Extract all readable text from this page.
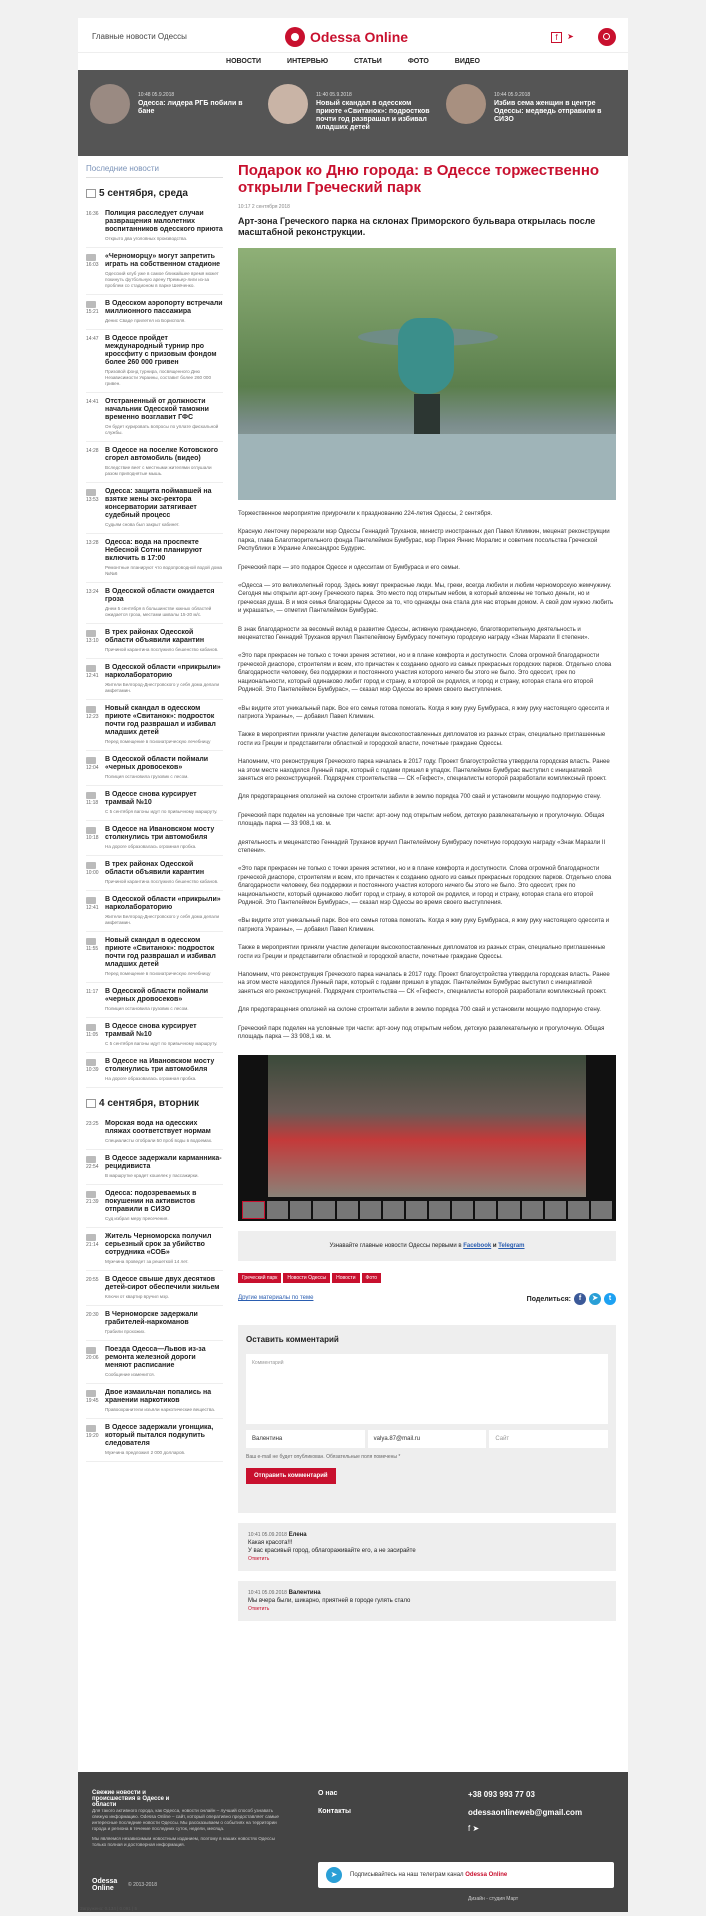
Главные новости Одессы	Odessa Online	f	➤
НОВОСТИ	ИНТЕРВЬЮ	СТАТЬИ	ФОТО	ВИДЕО
10:48 05.9.2018
Одесса: лидера РГБ побили в бане
11:40 05.9.2018
Новый скандал в одесском приюте «Свитанок»: подростков почти год разврашал и избивал младших детей
10:44 05.9.2018
Избив сема женщин в центре Одессы: медведь отправили в СИЗО
Последние новости
5 сентября, среда
16:36 Полиция расследует случаи развращения малолетних воспитанников одесского приюта
Открыто два уголовных производства.
16:03
«Черноморцу» могут запретить играть на собственном стадионе
Одесский клуб уже в самое ближайшее время может покинуть футбольную арену Премьер-лиги из-за проблем со стадионом в парке Шевченко.
15:21
В Одесском аэропорту встречали миллионного пассажира
Денис Сваде прилетел из Борисполя.
14:47 В Одессе пройдет международный турнир про кроссфиту с призовым фондом более 260 000 гривен
Призовой фонд турнира, посвященного Дню Независимости Украины, составит более 260 000 гривен.
14:41 Отстраненный от должности начальник Одесской таможни временно возглавит ГФС
Он будет курировать вопросы по уплате фискальной службы.
14:28 В Одессе на поселке Котовского сгорел автомобиль (видео)
Вследствие веет с местными жителями оглушали разом приподнятые мышь.
13:53
Одесса: защита поймавшей на взятке жены экс-ректора консерватории затягивает судебный процесс
Судьям снова был закрыт кабинет.
13:28 Одесса: вода на проспекте Небесной Сотни планируют включить в 17:00
Ремонтные планируют что водопроводной водой дома №№6
13:24 В Одесской области ожидается гроза
Днем 5 сентября в большинстве южных областей ожидается гроза, местами шквалы 15-20 м/с.
13:10
В трех районах Одесской области объявили карантин
Причиной карантина послужило бешенство кабанов.
12:41
В Одесской области «прикрыли» нарколабораторию
Жители Белгород-Днестровского у себя дома делали амфетамин.
12:23
Новый скандал в одесском приюте «Свитанок»: подросток почти год разврашал и избивал младших детей
Перед помещение в психиатрическую лечебницу
12:04
В Одесской области поймали «черных дровосеков»
Полиция остановила грузовик с лесом.
11:18
В Одессе снова курсирует трамвай №10
С 5 сентября вагоны идут по привычному маршруту.
10:18
В Одессе на Ивановском мосту столкнулись три автомобиля
На дороге образовалась огромная пробка.
10:00
В трех районах Одесской области объявили карантин
Причиной карантина послужило бешенство кабанов.
12:41
В Одесской области «прикрыли» нарколабораторию
Жители Белгород-Днестровского у себя дома делали амфетамин.
11:55
Новый скандал в одесском приюте «Свитанок»: подросток почти год разврашал и избивал младших детей
Перед помещение в психиатрическую лечебницу
11:17 В Одесской области поймали «черных дровосеков»
Полиция остановила грузовик с лесом.
11:05
В Одессе снова курсирует трамвай №10
С 5 сентября вагоны идут по привычному маршруту.
10:39
В Одессе на Ивановском мосту столкнулись три автомобиля
На дороге образовалась огромная пробка.
4 сентября, вторник
23:25 Морская вода на одесских пляжах соответствует нормам
Специалисты отобрали 50 проб воды в водоемах.
22:54
В Одессе задержали карманника-рецидивиста
В маршрутке крадет кошелек у пассажирки.
21:39
Одесса: подозреваемых в покушении на активистов отправили в СИЗО
Суд избрал меру пресечения.
21:14
Житель Черноморска получил серьезный срок за убийство сотрудника «СОБ»
Мужчина проведет за решеткой 14 лет.
20:55 В Одессе свыше двух десятков детей-сирот обеспечили жильем
Ключи от квартир вручил мэр.
20:30 В Черноморске задержали грабителей-наркоманов
Грабили прохожих.
20:06
Поезда Одесса—Львов из-за ремонта железной дороги меняют расписание
Сообщение изменится.
19:45
Двое измаильчан попались на хранении наркотиков
Правоохранители изъяли наркотические вещества.
19:20
В Одессе задержали угонщика, который пытался подкупить следователя
Мужчина предложил 2 000 долларов.
Подарок ко Дню города: в Одессе торжественно открыли Греческий парк
10:17 2 сентября 2018
Арт-зона Греческого парка на склонах Приморского бульвара открылась после масштабной реконструкции.
Торжественное мероприятие приурочили к празднованию 224-летия Одессы, 2 сентября.
Красную ленточку перерезали мэр Одессы Геннадий Труханов, министр иностранных дел Павел Климкин, меценат реконструкции парка, глава Благотворительного фонда Пантелеймон Бумбурас, мэр Пирея Яннис Моралис и советник посольства Греческой Республики в Украине Александрос Будурис.
Греческий парк — это подарок Одессе и одесситам от Бумбураса и его семьи.
«Одесса — это великолепный город. Здесь живут прекрасные люди. Мы, греки, всегда любили и любим черноморскую жемчужину. Сегодня мы открыли арт-зону Греческого парка. Это место под открытым небом, в который вложены не только деньги, но и греческая душа. В и моя семья благодарны Одессе за то, что однажды она стала для нас вторым домом. А свой дом нужно любить и украшать», — отметил Пантелеймон Бумбурас.
В знак благодарности за весомый вклад в развитие Одессы, активную гражданскую, благотворительную деятельность и меценатство Геннадий Труханов вручил Пантелеймону Бумбурасу почетную городскую награду «Знак Маразли II степени».
«Это парк прекрасен не только с точки зрения эстетики, но и в плане комфорта и доступности. Слова огромной благодарности греческой диаспоре, строителям и всем, кто причастен к созданию одного из самых прекрасных городских парков. Отдельно слова благодарности человеку, без поддержки и постоянного участия которого ничего бы этого не было. Это одессит, грек по национальности, который одинаково любит город и страну, в которой он родился, и город и страну, которая стала его второй Родиной. Это Пантелеймон Бумбурас», — сказал мэр Одессы во время своего выступления.
«Вы видите этот уникальный парк. Все его семья готова помогать. Когда я жму руку Бумбураса, я жму руку настоящего одессита и патриота Украины», — добавил Павел Климкин.
Также в мероприятии приняли участие делегации высокопоставленных дипломатов из разных стран, специально приглашенные гости из Греции и представители областной и городской власти, почетные граждане Одессы.
Напомним, что реконструкция Греческого парка началась в 2017 году. Проект благоустройства утвердила городская власть. Ранее на этом месте находился Лунный парк, который с годами пришел в упадок. Пантелеймон Бумбурас выступил с инициативой заняться его реконструкцией. Подрядчик строительства — СК «Гефест», специалисты которой разработали комплексный проект.
Для предотвращения оползней на склоне строители забили в землю порядка 700 свай и установили мощную подпорную стену.
Греческий парк поделен на условные три части: арт-зону под открытым небом, детскую развлекательную и прогулочную. Общая площадь парка — 33 908,1 кв. м.
деятельность и меценатство Геннадий Труханов вручил Пантелеймону Бумбурасу почетную городскую награду «Знак Маразли II степени».
«Это парк прекрасен не только с точки зрения эстетики, но и в плане комфорта и доступности. Слова огромной благодарности греческой диаспоре, строителям и всем, кто причастен к созданию одного из самых прекрасных городских парков. Отдельно слова благодарности человеку, без поддержки и постоянного участия которого ничего бы этого не было. Это одессит, грек по национальности, который одинаково любит город и страну, в которой он родился, и город и страну, которая стала его второй Родиной. Это Пантелеймон Бумбурас», — сказал мэр Одессы во время своего выступления.
«Вы видите этот уникальный парк. Все его семья готова помогать. Когда я жму руку Бумбураса, я жму руку настоящего одессита и патриота Украины», — добавил Павел Климкин.
Также в мероприятии приняли участие делегации высокопоставленных дипломатов из разных стран, специально приглашенные гости из Греции и представители областной и городской власти, почетные граждане Одессы.
Напомним, что реконструкция Греческого парка началась в 2017 году. Проект благоустройства утвердила городская власть. Ранее на этом месте находился Лунный парк, который с годами пришел в упадок. Пантелеймон Бумбурас выступил с инициативой заняться его реконструкцией. Подрядчик строительства — СК «Гефест», специалисты которой разработали комплексный проект.
Для предотвращения оползней на склоне строители забили в землю порядка 700 свай и установили мощную подпорную стену.
Греческий парк поделен на условные три части: арт-зону под открытым небом, детскую развлекательную и прогулочную. Общая площадь парка — 33 908,1 кв. м.
Узнавайте главные новости Одессы первыми в Facebook и Telegram
Греческий парк Новости Одессы Новости Фото
Другие материалы по теме	Поделиться: f ➤ t
Оставить комментарий
Комментарий
Валентина	valya.87@mail.ru	Сайт
Ваш e-mail не будет опубликован. Обязательные поля помечены *
Отправить комментарий
10:41 05.09.2018 Елена
Какая красота!!!
У вас красивый город, облагораживайте его, а не засирайте
Ответить
10:41 05.09.2018 Валентина
Мы вчера были, шикарно, приятней в городе гулять стало
Ответить
Свежие новости и происшествия в Одессе и области
Для такого активного города, как Одесса, новости онлайн – лучший способ узнавать свежую информацию. Odessa Online – сайт, который оперативно предоставляет самые интересные последние новости Одессы. Мы рассказываем о событиях на территории города и региона в течение последних суток, недели, месяца.
Мы являемся независимым новостным изданием, поэтому в наших новостях Одессы только полная и достоверная информация.
Odessa Online	© 2013-2018
О нас
Контакты
+38 093 993 77 03
odessaonlineweb@gmail.com
f ➤
➤	Подписывайтесь на наш телеграм канал Odessa Online
Дизайн - студия Март
Загружено: 0.134 | 0.091 | 5
